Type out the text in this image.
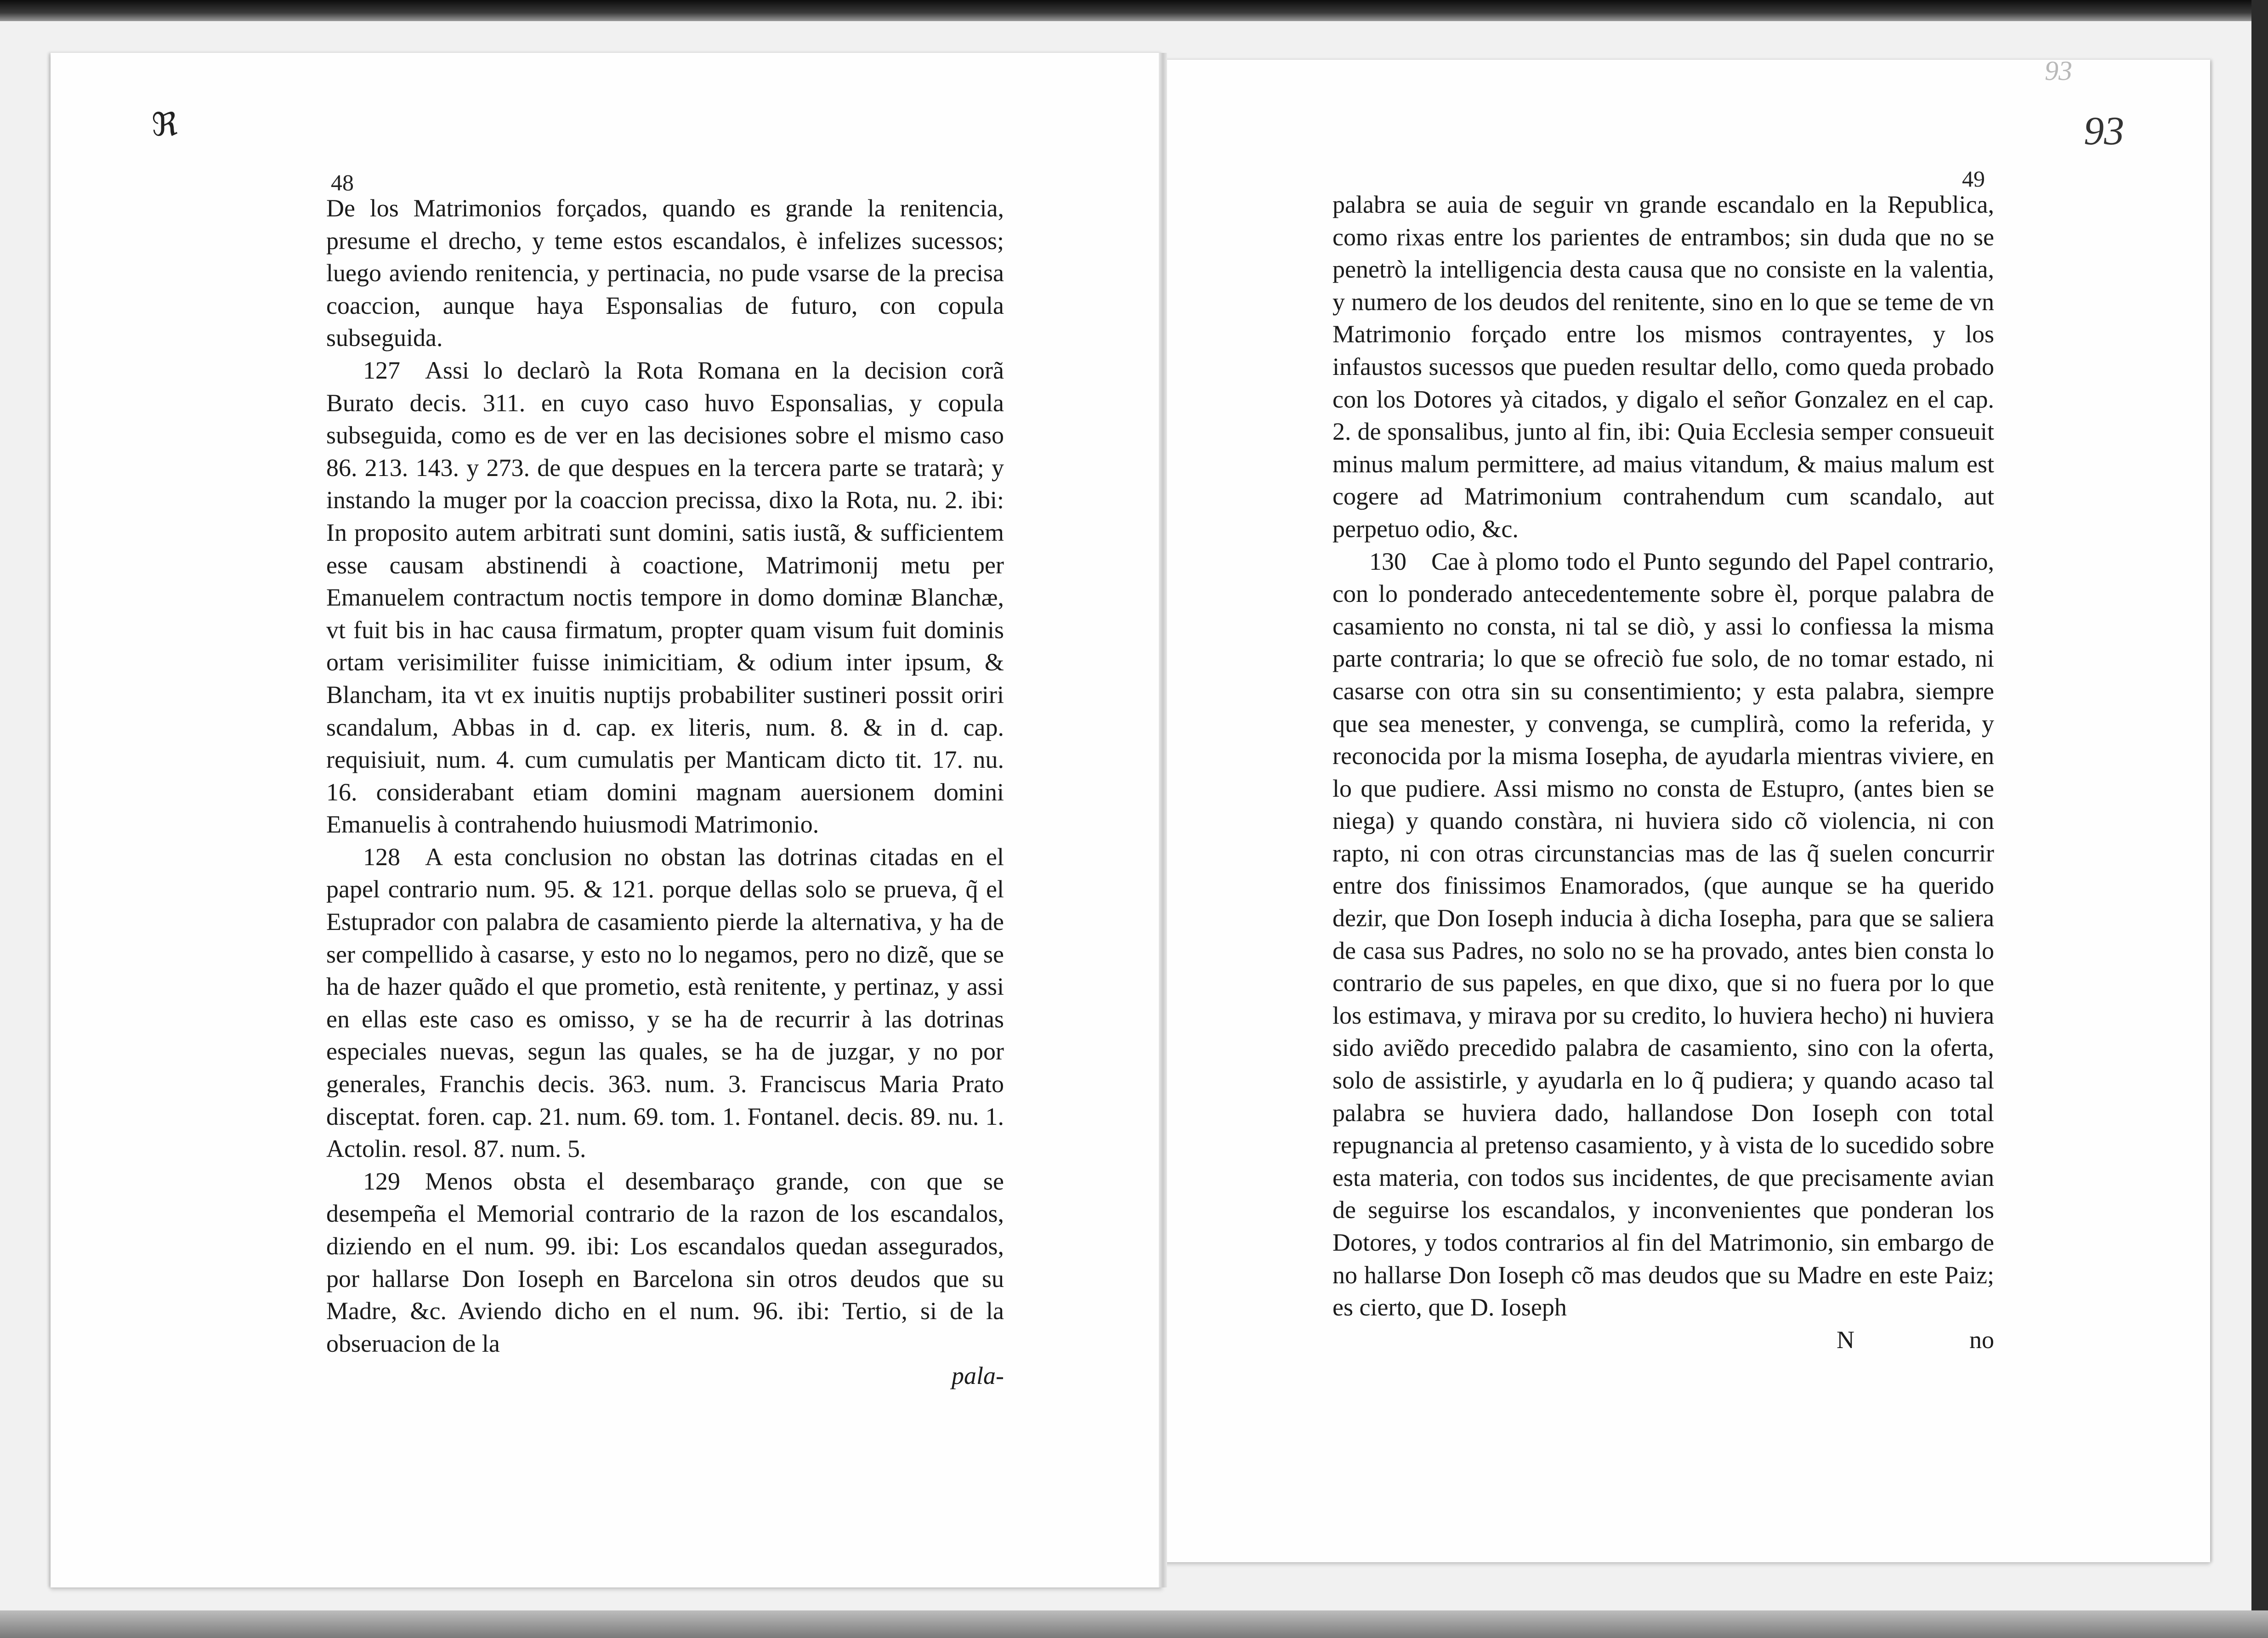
ℜ
93
93
48	49

De los Matrimonios forçados, quando es grande la renitencia, presume el drecho, y teme estos escandalos, è infelizes sucessos; luego aviendo renitencia, y pertinacia, no pude vsarse de la precisa coaccion, aunque haya Esponsalias de futuro, con copula subseguida.

127  Assi lo declarò la Rota Romana en la decision corã Burato decis. 311. en cuyo caso huvo Esponsalias, y copula subseguida, como es de ver en las decisiones sobre el mismo caso 86. 213. 143. y 273. de que despues en la tercera parte se tratarà; y instando la muger por la coaccion precissa, dixo la Rota, nu. 2. ibi: In proposito autem arbitrati sunt domini, satis iustã, & sufficientem esse causam abstinendi à coactione, Matrimonij metu per Emanuelem contractum noctis tempore in domo dominæ Blanchæ, vt fuit bis in hac causa firmatum, propter quam visum fuit dominis ortam verisimiliter fuisse inimicitiam, & odium inter ipsum, & Blancham, ita vt ex inuitis nuptijs probabiliter sustineri possit oriri scandalum, Abbas in d. cap. ex literis, num. 8. & in d. cap. requisiuit, num. 4. cum cumulatis per Manticam dicto tit. 17. nu. 16. considerabant etiam domini magnam auersionem domini Emanuelis à contrahendo huiusmodi Matrimonio.

128  A esta conclusion no obstan las dotrinas citadas en el papel contrario num. 95. & 121. porque dellas solo se prueva, q̃ el Estuprador con palabra de casamiento pierde la alternativa, y ha de ser compellido à casarse, y esto no lo negamos, pero no dizẽ, que se ha de hazer quãdo el que prometio, està renitente, y pertinaz, y assi en ellas este caso es omisso, y se ha de recurrir à las dotrinas especiales nuevas, segun las quales, se ha de juzgar, y no por generales, Franchis decis. 363. num. 3. Franciscus Maria Prato disceptat. foren. cap. 21. num. 69. tom. 1. Fontanel. decis. 89. nu. 1. Actolin. resol. 87. num. 5.

129  Menos obsta el desembaraço grande, con que se desempeña el Memorial contrario de la razon de los escandalos, diziendo en el num. 99. ibi: Los escandalos quedan assegurados, por hallarse Don Ioseph en Barcelona sin otros deudos que su Madre, &c. Aviendo dicho en el num. 96. ibi: Tertio, si de la obseruacion de la

pala-

palabra se auia de seguir vn grande escandalo en la Republica, como rixas entre los parientes de entrambos; sin duda que no se penetrò la intelligencia desta causa que no consiste en la valentia, y numero de los deudos del renitente, sino en lo que se teme de vn Matrimonio forçado entre los mismos contrayentes, y los infaustos sucessos que pueden resultar dello, como queda probado con los Dotores yà citados, y digalo el señor Gonzalez en el cap. 2. de sponsalibus, junto al fin, ibi: Quia Ecclesia semper consueuit minus malum permittere, ad maius vitandum, & maius malum est cogere ad Matrimonium contrahendum cum scandalo, aut perpetuo odio, &c.

130  Cae à plomo todo el Punto segundo del Papel contrario, con lo ponderado antecedentemente sobre èl, porque palabra de casamiento no consta, ni tal se diò, y assi lo confiessa la misma parte contraria; lo que se ofreciò fue solo, de no tomar estado, ni casarse con otra sin su consentimiento; y esta palabra, siempre que sea menester, y convenga, se cumplirà, como la referida, y reconocida por la misma Iosepha, de ayudarla mientras viviere, en lo que pudiere. Assi mismo no consta de Estupro, (antes bien se niega) y quando constàra, ni huviera sido cõ violencia, ni con rapto, ni con otras circunstancias mas de las q̃ suelen concurrir entre dos finissimos Enamorados, (que aunque se ha querido dezir, que Don Ioseph inducia à dicha Iosepha, para que se saliera de casa sus Padres, no solo no se ha provado, antes bien consta lo contrario de sus papeles, en que dixo, que si no fuera por lo que los estimava, y mirava por su credito, lo huviera hecho) ni huviera sido aviẽdo precedido palabra de casamiento, sino con la oferta, solo de assistirle, y ayudarla en lo q̃ pudiera; y quando acaso tal palabra se huviera dado, hallandose Don Ioseph con total repugnancia al pretenso casamiento, y à vista de lo sucedido sobre esta materia, con todos sus incidentes, de que precisamente avian de seguirse los escandalos, y inconvenientes que ponderan los Dotores, y todos contrarios al fin del Matrimonio, sin embargo de no hallarse Don Ioseph cõ mas deudos que su Madre en este Paiz; es cierto, que D. Ioseph

N	no
